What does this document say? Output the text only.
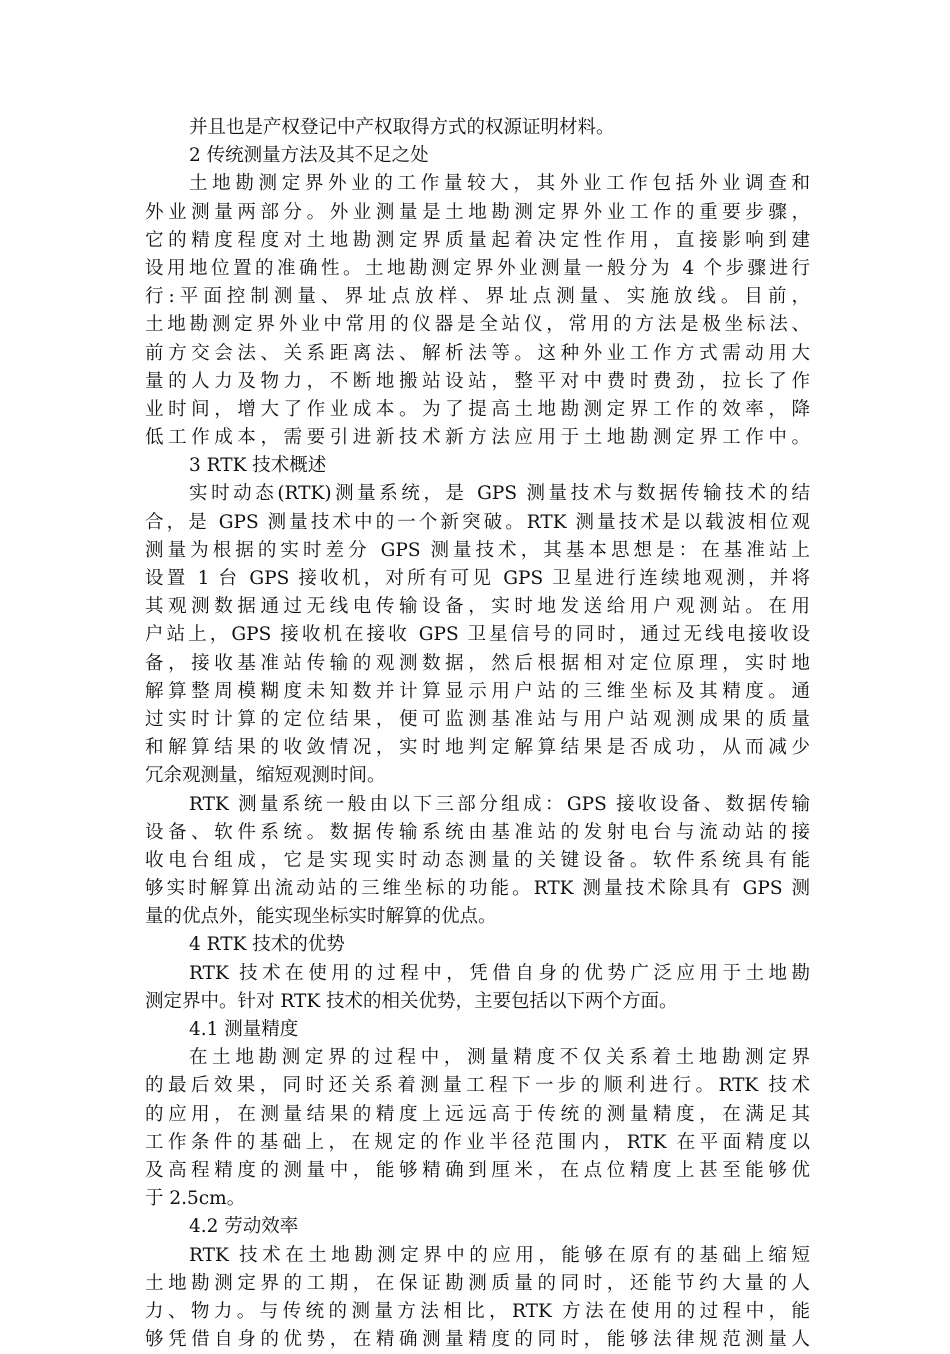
并且也是产权登记中产权取得方式的权源证明材料。
2 传统测量方法及其不足之处
土地勘测定界外业的工作量较大，其外业工作包括外业调查和
外业测量两部分。外业测量是土地勘测定界外业工作的重要步骤，
它的精度程度对土地勘测定界质量起着决定性作用，直接影响到建
设用地位置的准确性。土地勘测定界外业测量一般分为 4 个步骤进行
行:平面控制测量、界址点放样、界址点测量、实施放线。目前，
土地勘测定界外业中常用的仪器是全站仪，常用的方法是极坐标法、
前方交会法、关系距离法、解析法等。这种外业工作方式需动用大
量的人力及物力，不断地搬站设站，整平对中费时费劲，拉长了作
业时间，增大了作业成本。为了提高土地勘测定界工作的效率，降
低工作成本，需要引进新技术新方法应用于土地勘测定界工作中。
3 RTK 技术概述
实时动态(RTK)测量系统，是 GPS 测量技术与数据传输技术的结
合，是 GPS 测量技术中的一个新突破。RTK 测量技术是以载波相位观
测量为根据的实时差分 GPS 测量技术，其基本思想是：在基准站上
设置 1 台 GPS 接收机，对所有可见 GPS 卫星进行连续地观测，并将
其观测数据通过无线电传输设备，实时地发送给用户观测站。在用
户站上，GPS 接收机在接收 GPS 卫星信号的同时，通过无线电接收设
备，接收基准站传输的观测数据，然后根据相对定位原理，实时地
解算整周模糊度未知数并计算显示用户站的三维坐标及其精度。通
过实时计算的定位结果，便可监测基准站与用户站观测成果的质量
和解算结果的收敛情况，实时地判定解算结果是否成功，从而减少
冗余观测量，缩短观测时间。
RTK 测量系统一般由以下三部分组成：GPS 接收设备、数据传输
设备、软件系统。数据传输系统由基准站的发射电台与流动站的接
收电台组成，它是实现实时动态测量的关键设备。软件系统具有能
够实时解算出流动站的三维坐标的功能。RTK 测量技术除具有 GPS 测
量的优点外，能实现坐标实时解算的优点。
4 RTK 技术的优势
RTK 技术在使用的过程中，凭借自身的优势广泛应用于土地勘
测定界中。针对 RTK 技术的相关优势，主要包括以下两个方面。
4.1 测量精度
在土地勘测定界的过程中，测量精度不仅关系着土地勘测定界
的最后效果，同时还关系着测量工程下一步的顺利进行。RTK 技术
的应用，在测量结果的精度上远远高于传统的测量精度，在满足其
工作条件的基础上，在规定的作业半径范围内，RTK 在平面精度以
及高程精度的测量中，能够精确到厘米，在点位精度上甚至能够优
于 2.5cm。
4.2 劳动效率
RTK 技术在土地勘测定界中的应用，能够在原有的基础上缩短
土地勘测定界的工期，在保证勘测质量的同时，还能节约大量的人
力、物力。与传统的测量方法相比，RTK 方法在使用的过程中，能
够凭借自身的优势，在精确测量精度的同时，能够法律规范测量人
